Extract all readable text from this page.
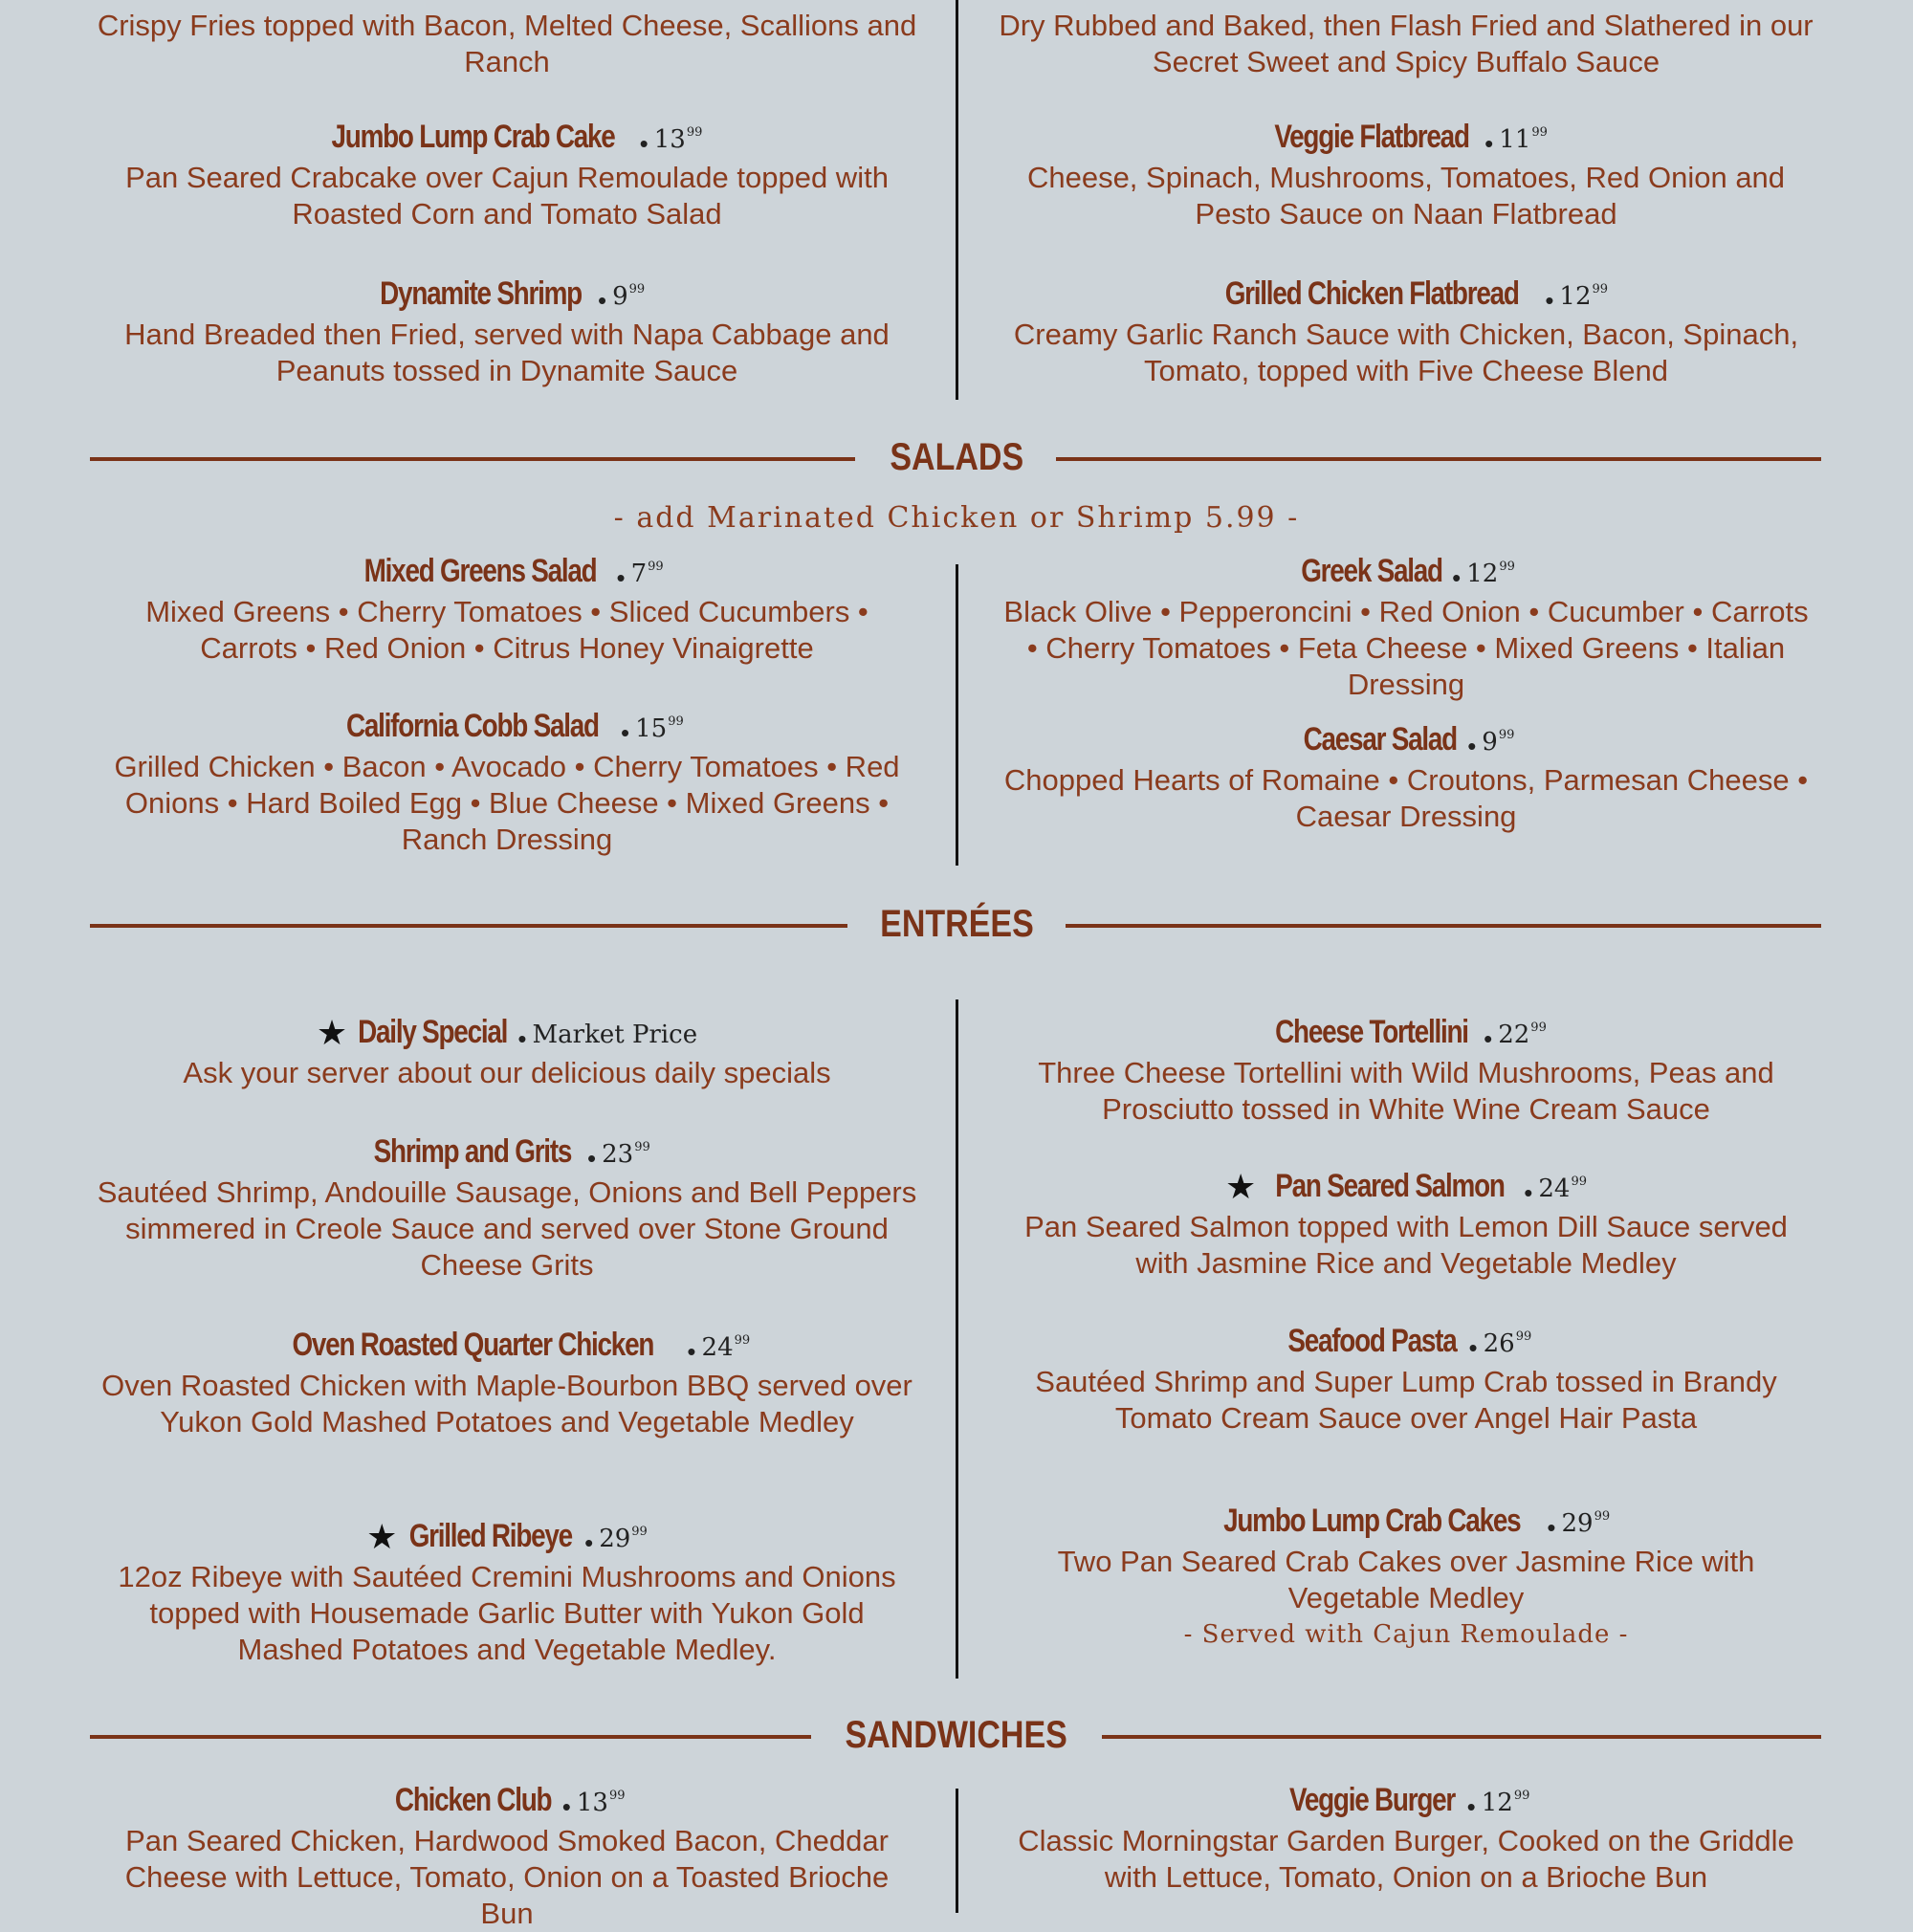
Crispy Fries topped with Bacon, Melted Cheese, Scallions and Ranch
Dry Rubbed and Baked, then Flash Fried and Slathered in our Secret Sweet and Spicy Buffalo Sauce
Jumbo Lump Crab Cake • $13^{99}$
Pan Seared Crabcake over Cajun Remoulade topped with Roasted Corn and Tomato Salad
Veggie Flatbread • $11^{99}$
Cheese, Spinach, Mushrooms, Tomatoes, Red Onion and Pesto Sauce on Naan Flatbread
Dynamite Shrimp • $9^{99}$
Hand Breaded then Fried, served with Napa Cabbage and Peanuts tossed in Dynamite Sauce
Grilled Chicken Flatbread • $12^{99}$
Creamy Garlic Ranch Sauce with Chicken, Bacon, Spinach, Tomato, topped with Five Cheese Blend
SALADS
- add Marinated Chicken or Shrimp 5.99 -
Mixed Greens Salad • $7^{99}$
Mixed Greens • Cherry Tomatoes • Sliced Cucumbers • Carrots • Red Onion • Citrus Honey Vinaigrette
Greek Salad • $12^{99}$
Black Olive • Pepperoncini • Red Onion • Cucumber • Carrots • Cherry Tomatoes • Feta Cheese • Mixed Greens • Italian Dressing
California Cobb Salad • $15^{99}$
Grilled Chicken • Bacon • Avocado • Cherry Tomatoes • Red Onions • Hard Boiled Egg • Blue Cheese • Mixed Greens • Ranch Dressing
Caesar Salad • $9^{99}$
Chopped Hearts of Romaine • Croutons, Parmesan Cheese • Caesar Dressing
ENTRÉES
★ Daily Special • Market Price
Ask your server about our delicious daily specials
Cheese Tortellini • $22^{99}$
Three Cheese Tortellini with Wild Mushrooms, Peas and Prosciutto tossed in White Wine Cream Sauce
Shrimp and Grits • $23^{99}$
Sautéed Shrimp, Andouille Sausage, Onions and Bell Peppers simmered in Creole Sauce and served over Stone Ground Cheese Grits
★ Pan Seared Salmon • $24^{99}$
Pan Seared Salmon topped with Lemon Dill Sauce served with Jasmine Rice and Vegetable Medley
Oven Roasted Quarter Chicken • $24^{99}$
Oven Roasted Chicken with Maple-Bourbon BBQ served over Yukon Gold Mashed Potatoes and Vegetable Medley
Seafood Pasta • $26^{99}$
Sautéed Shrimp and Super Lump Crab tossed in Brandy Tomato Cream Sauce over Angel Hair Pasta
★ Grilled Ribeye • $29^{99}$
12oz Ribeye with Sautéed Cremini Mushrooms and Onions topped with Housemade Garlic Butter with Yukon Gold Mashed Potatoes and Vegetable Medley.
Jumbo Lump Crab Cakes • $29^{99}$
Two Pan Seared Crab Cakes over Jasmine Rice with Vegetable Medley
- Served with Cajun Remoulade -
SANDWICHES
Chicken Club • $13^{99}$
Pan Seared Chicken, Hardwood Smoked Bacon, Cheddar Cheese with Lettuce, Tomato, Onion on a Toasted Brioche Bun
Veggie Burger • $12^{99}$
Classic Morningstar Garden Burger, Cooked on the Griddle with Lettuce, Tomato, Onion on a Brioche Bun
